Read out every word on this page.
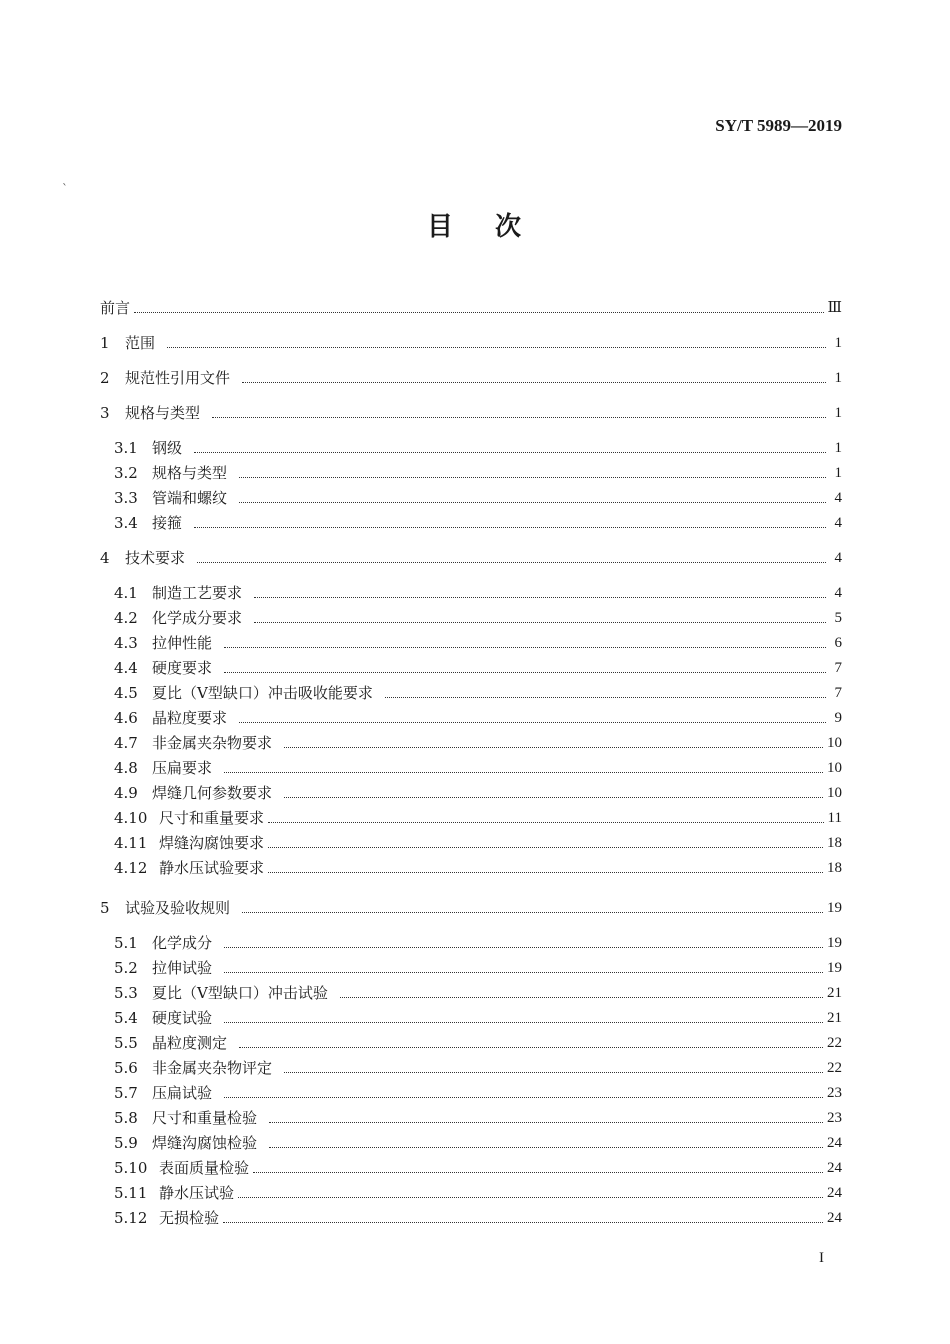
SY/T 5989—2019
`
目 次
前言	Ⅲ
1	范围	1
2	规范性引用文件	1
3	规格与类型	1
3.1 钢级	1
3.2 规格与类型	1
3.3 管端和螺纹	4
3.4 接箍	4
4	技术要求	4
4.1 制造工艺要求	4
4.2 化学成分要求	5
4.3 拉伸性能	6
4.4 硬度要求	7
4.5 夏比（V型缺口）冲击吸收能要求	7
4.6 晶粒度要求	9
4.7 非金属夹杂物要求	10
4.8 压扁要求	10
4.9 焊缝几何参数要求	10
4.10 尺寸和重量要求	11
4.11 焊缝沟腐蚀要求	18
4.12 静水压试验要求	18
5	试验及验收规则	19
5.1 化学成分	19
5.2 拉伸试验	19
5.3 夏比（V型缺口）冲击试验	21
5.4 硬度试验	21
5.5 晶粒度测定	22
5.6 非金属夹杂物评定	22
5.7 压扁试验	23
5.8 尺寸和重量检验	23
5.9 焊缝沟腐蚀检验	24
5.10 表面质量检验	24
5.11 静水压试验	24
5.12 无损检验	24
I
